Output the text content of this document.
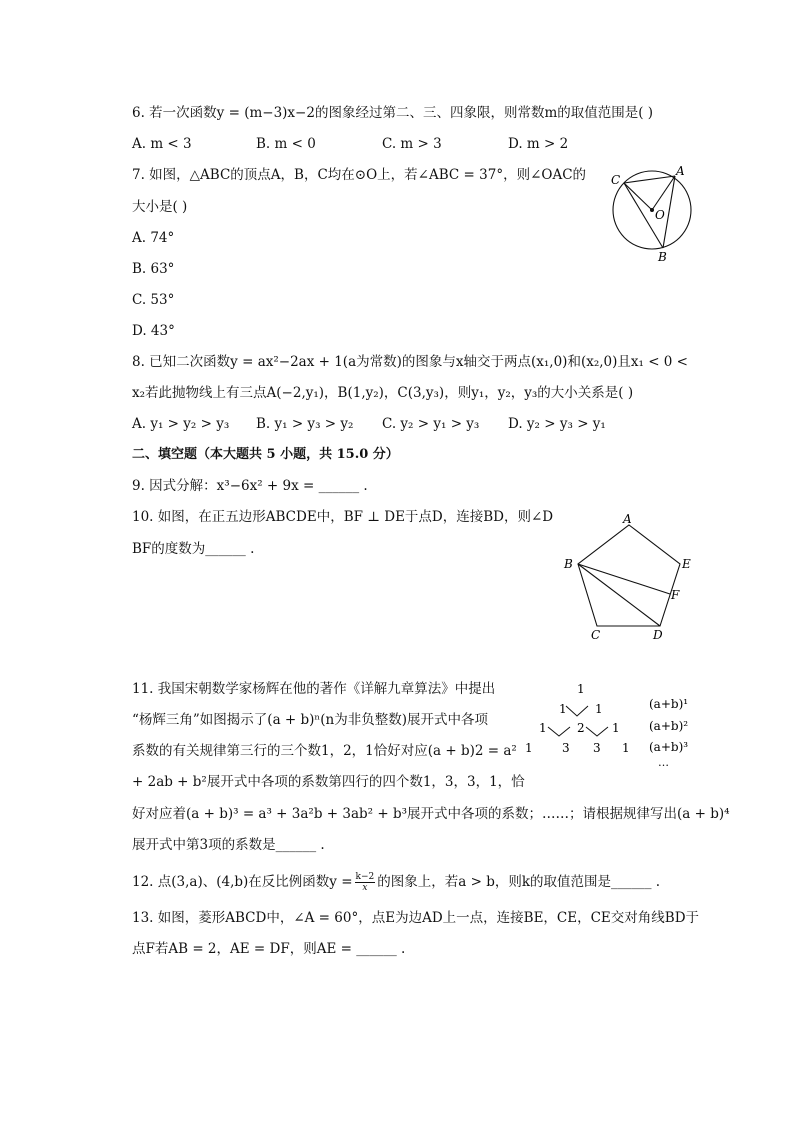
6. 若一次函数y = (m−3)x−2的图象经过第二、三、四象限，则常数m的取值范围是( )
A. m < 3	B. m < 0	C. m > 3	D. m > 2
7. 如图，△ABC的顶点A，B，C均在⊙O上，若∠ABC = 37°，则∠OAC的
大小是( )
A. 74°
B. 63°
C. 53°
D. 43°
A
C
O
B
8. 已知二次函数y = ax²−2ax + 1(a为常数)的图象与x轴交于两点(x₁,0)和(x₂,0)且x₁ < 0 <
x₂若此抛物线上有三点A(−2,y₁)，B(1,y₂)，C(3,y₃)，则y₁，y₂，y₃的大小关系是( )
A. y₁ > y₂ > y₃ B. y₁ > y₃ > y₂ C. y₂ > y₁ > y₃ D. y₂ > y₃ > y₁
二、填空题（本大题共 5 小题，共 15.0 分）
9. 因式分解：x³−6x² + 9x = ______ .
10. 如图，在正五边形ABCDE中，BF ⊥ DE于点D，连接BD，则∠D
BF的度数为______ .
A
B	E
F
C	D
11. 我国宋朝数学家杨辉在他的著作《详解九章算法》中提出
“杨辉三角”如图揭示了(a + b)ⁿ(n为非负整数)展开式中各项
系数的有关规律第三行的三个数1，2，1恰好对应(a + b)2 = a²
+ 2ab + b²展开式中各项的系数第四行的四个数1，3，3，1，恰
好对应着(a + b)³ = a³ + 3a²b + 3ab² + b³展开式中各项的系数；……；请根据规律写出(a + b)⁴
展开式中第3项的系数是______ .
1
1 1
1	2 1
1 3 3 1
(a+b)¹
(a+b)²
(a+b)³
…
12. 点(3,a)、(4,b)在反比例函数$y = \frac{k-2}{x}$ 的图象上，若a > b，则k的取值范围是______ .
13. 如图，菱形ABCD中，∠A = 60°，点E为边AD上一点，连接BE，CE，CE交对角线BD于
点F若AB = 2，AE = DF，则AE = ______ .
